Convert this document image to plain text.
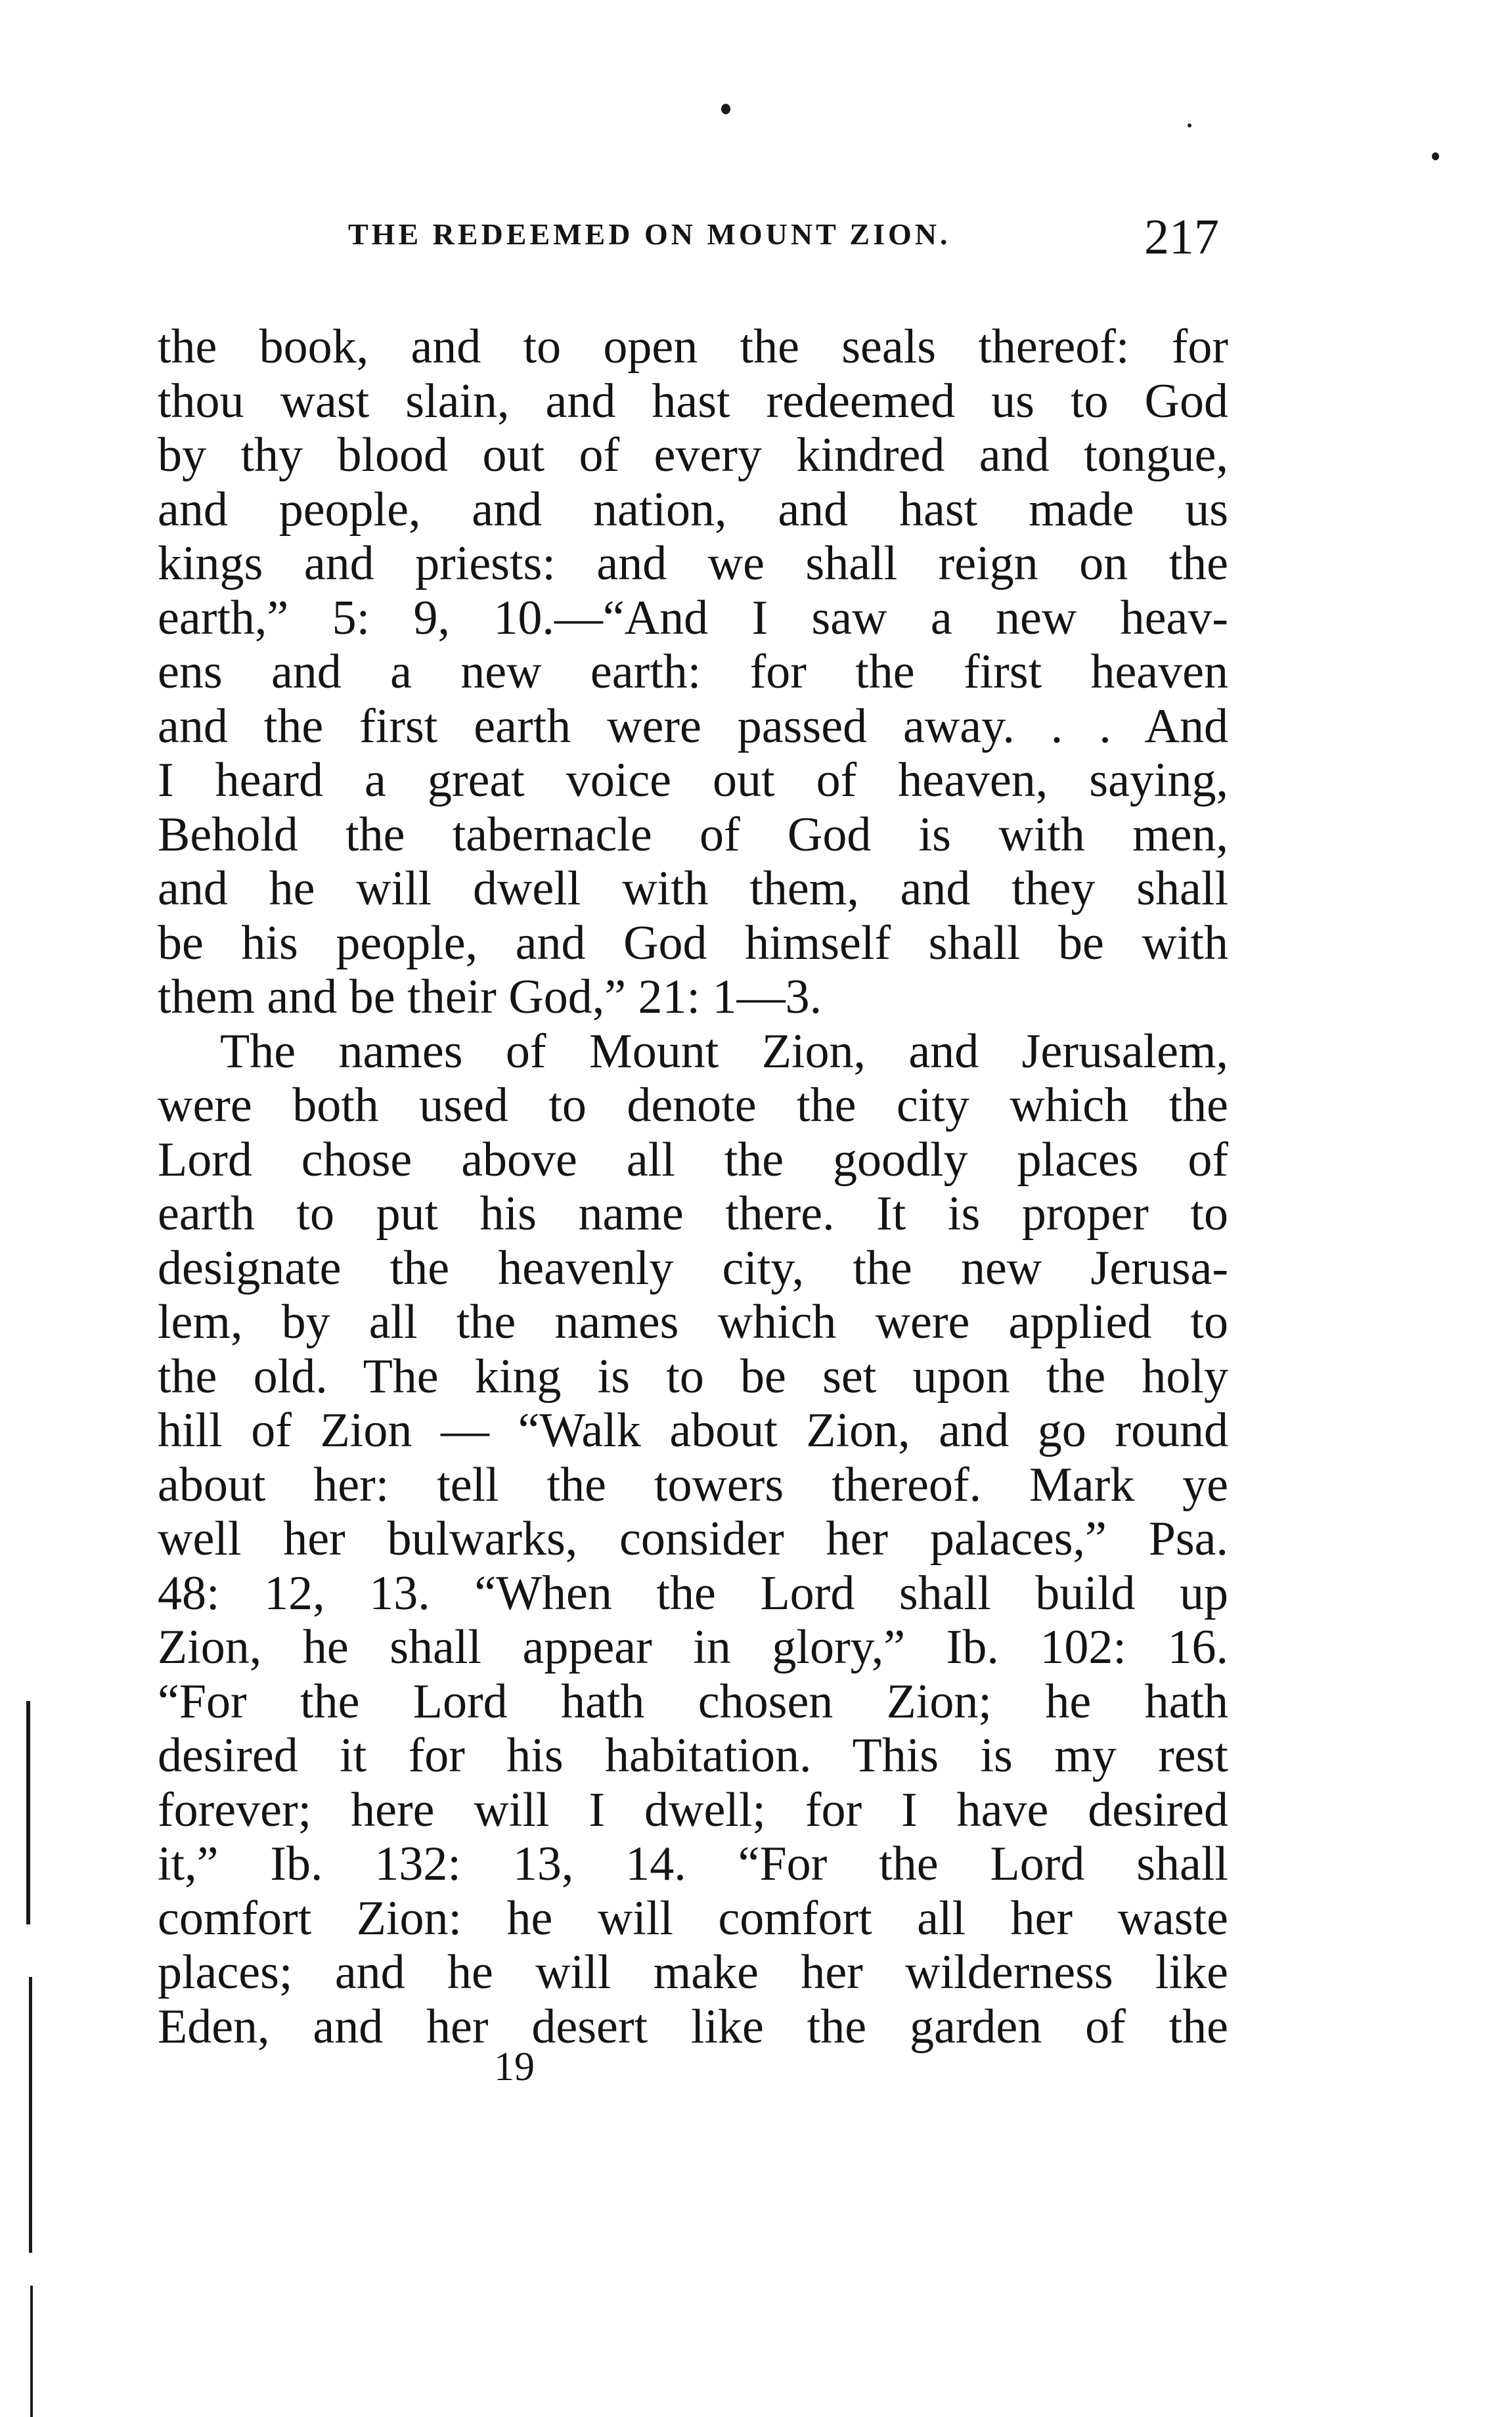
THE REDEEMED ON MOUNT ZION.	217
the book, and to open the seals thereof: for
thou wast slain, and hast redeemed us to God
by thy blood out of every kindred and tongue,
and people, and nation, and hast made us
kings and priests: and we shall reign on the
earth,” 5: 9, 10.—“And I saw a new heav-
ens and a new earth: for the first heaven
and the first earth were passed away. . . And
I heard a great voice out of heaven, saying,
Behold the tabernacle of God is with men,
and he will dwell with them, and they shall
be his people, and God himself shall be with
them and be their God,” 21: 1—3.
The names of Mount Zion, and Jerusalem,
were both used to denote the city which the
Lord chose above all the goodly places of
earth to put his name there. It is proper to
designate the heavenly city, the new Jerusa-
lem, by all the names which were applied to
the old. The king is to be set upon the holy
hill of Zion — “Walk about Zion, and go round
about her: tell the towers thereof. Mark ye
well her bulwarks, consider her palaces,” Psa.
48: 12, 13. “When the Lord shall build up
Zion, he shall appear in glory,” Ib. 102: 16.
“For the Lord hath chosen Zion; he hath
desired it for his habitation. This is my rest
forever; here will I dwell; for I have desired
it,” Ib. 132: 13, 14. “For the Lord shall
comfort Zion: he will comfort all her waste
places; and he will make her wilderness like
Eden, and her desert like the garden of the
19
